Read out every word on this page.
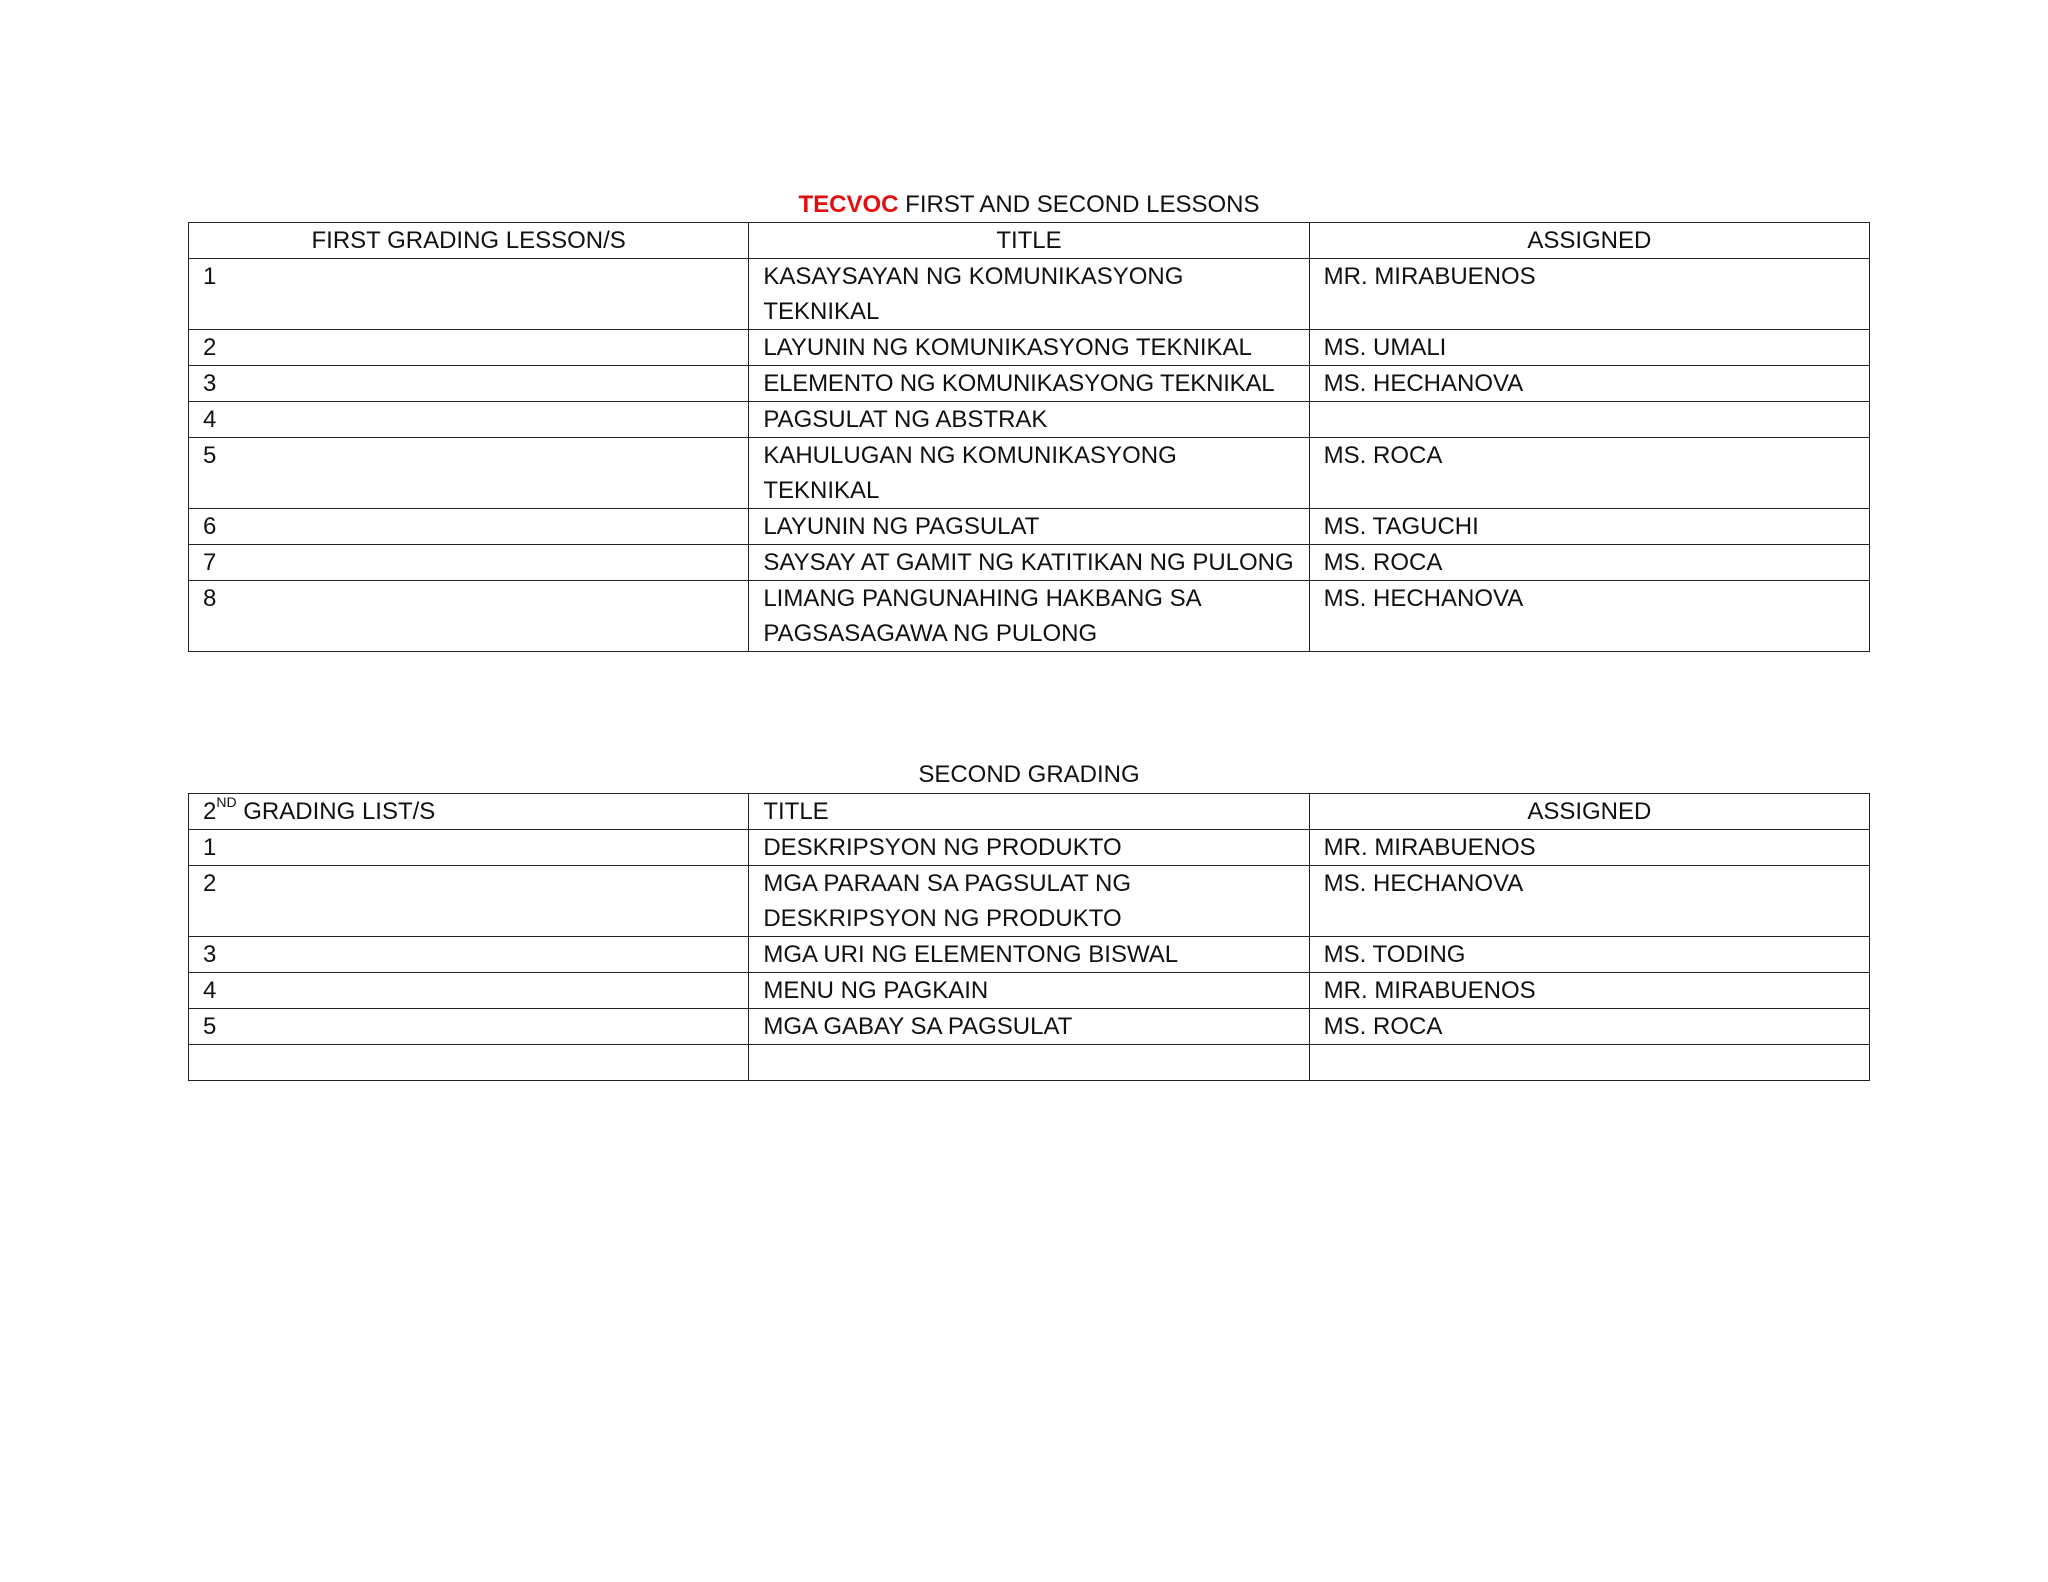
TECVOC FIRST AND SECOND LESSONS
FIRST GRADING LESSON/S	TITLE	ASSIGNED
1	KASAYSAYAN NG KOMUNIKASYONG TEKNIKAL	MR. MIRABUENOS
2	LAYUNIN NG KOMUNIKASYONG TEKNIKAL	MS. UMALI
3	ELEMENTO NG KOMUNIKASYONG TEKNIKAL	MS. HECHANOVA
4	PAGSULAT NG ABSTRAK	
5	KAHULUGAN NG KOMUNIKASYONG TEKNIKAL	MS. ROCA
6	LAYUNIN NG PAGSULAT	MS. TAGUCHI
7	SAYSAY AT GAMIT NG KATITIKAN NG PULONG	MS. ROCA
8	LIMANG PANGUNAHING HAKBANG SA PAGSASAGAWA NG PULONG	MS. HECHANOVA
SECOND GRADING
2ND GRADING LIST/S	TITLE	ASSIGNED
1	DESKRIPSYON NG PRODUKTO	MR. MIRABUENOS
2	MGA PARAAN SA PAGSULAT NG DESKRIPSYON NG PRODUKTO	MS. HECHANOVA
3	MGA URI NG ELEMENTONG BISWAL	MS. TODING
4	MENU NG PAGKAIN	MR. MIRABUENOS
5	MGA GABAY SA PAGSULAT	MS. ROCA
